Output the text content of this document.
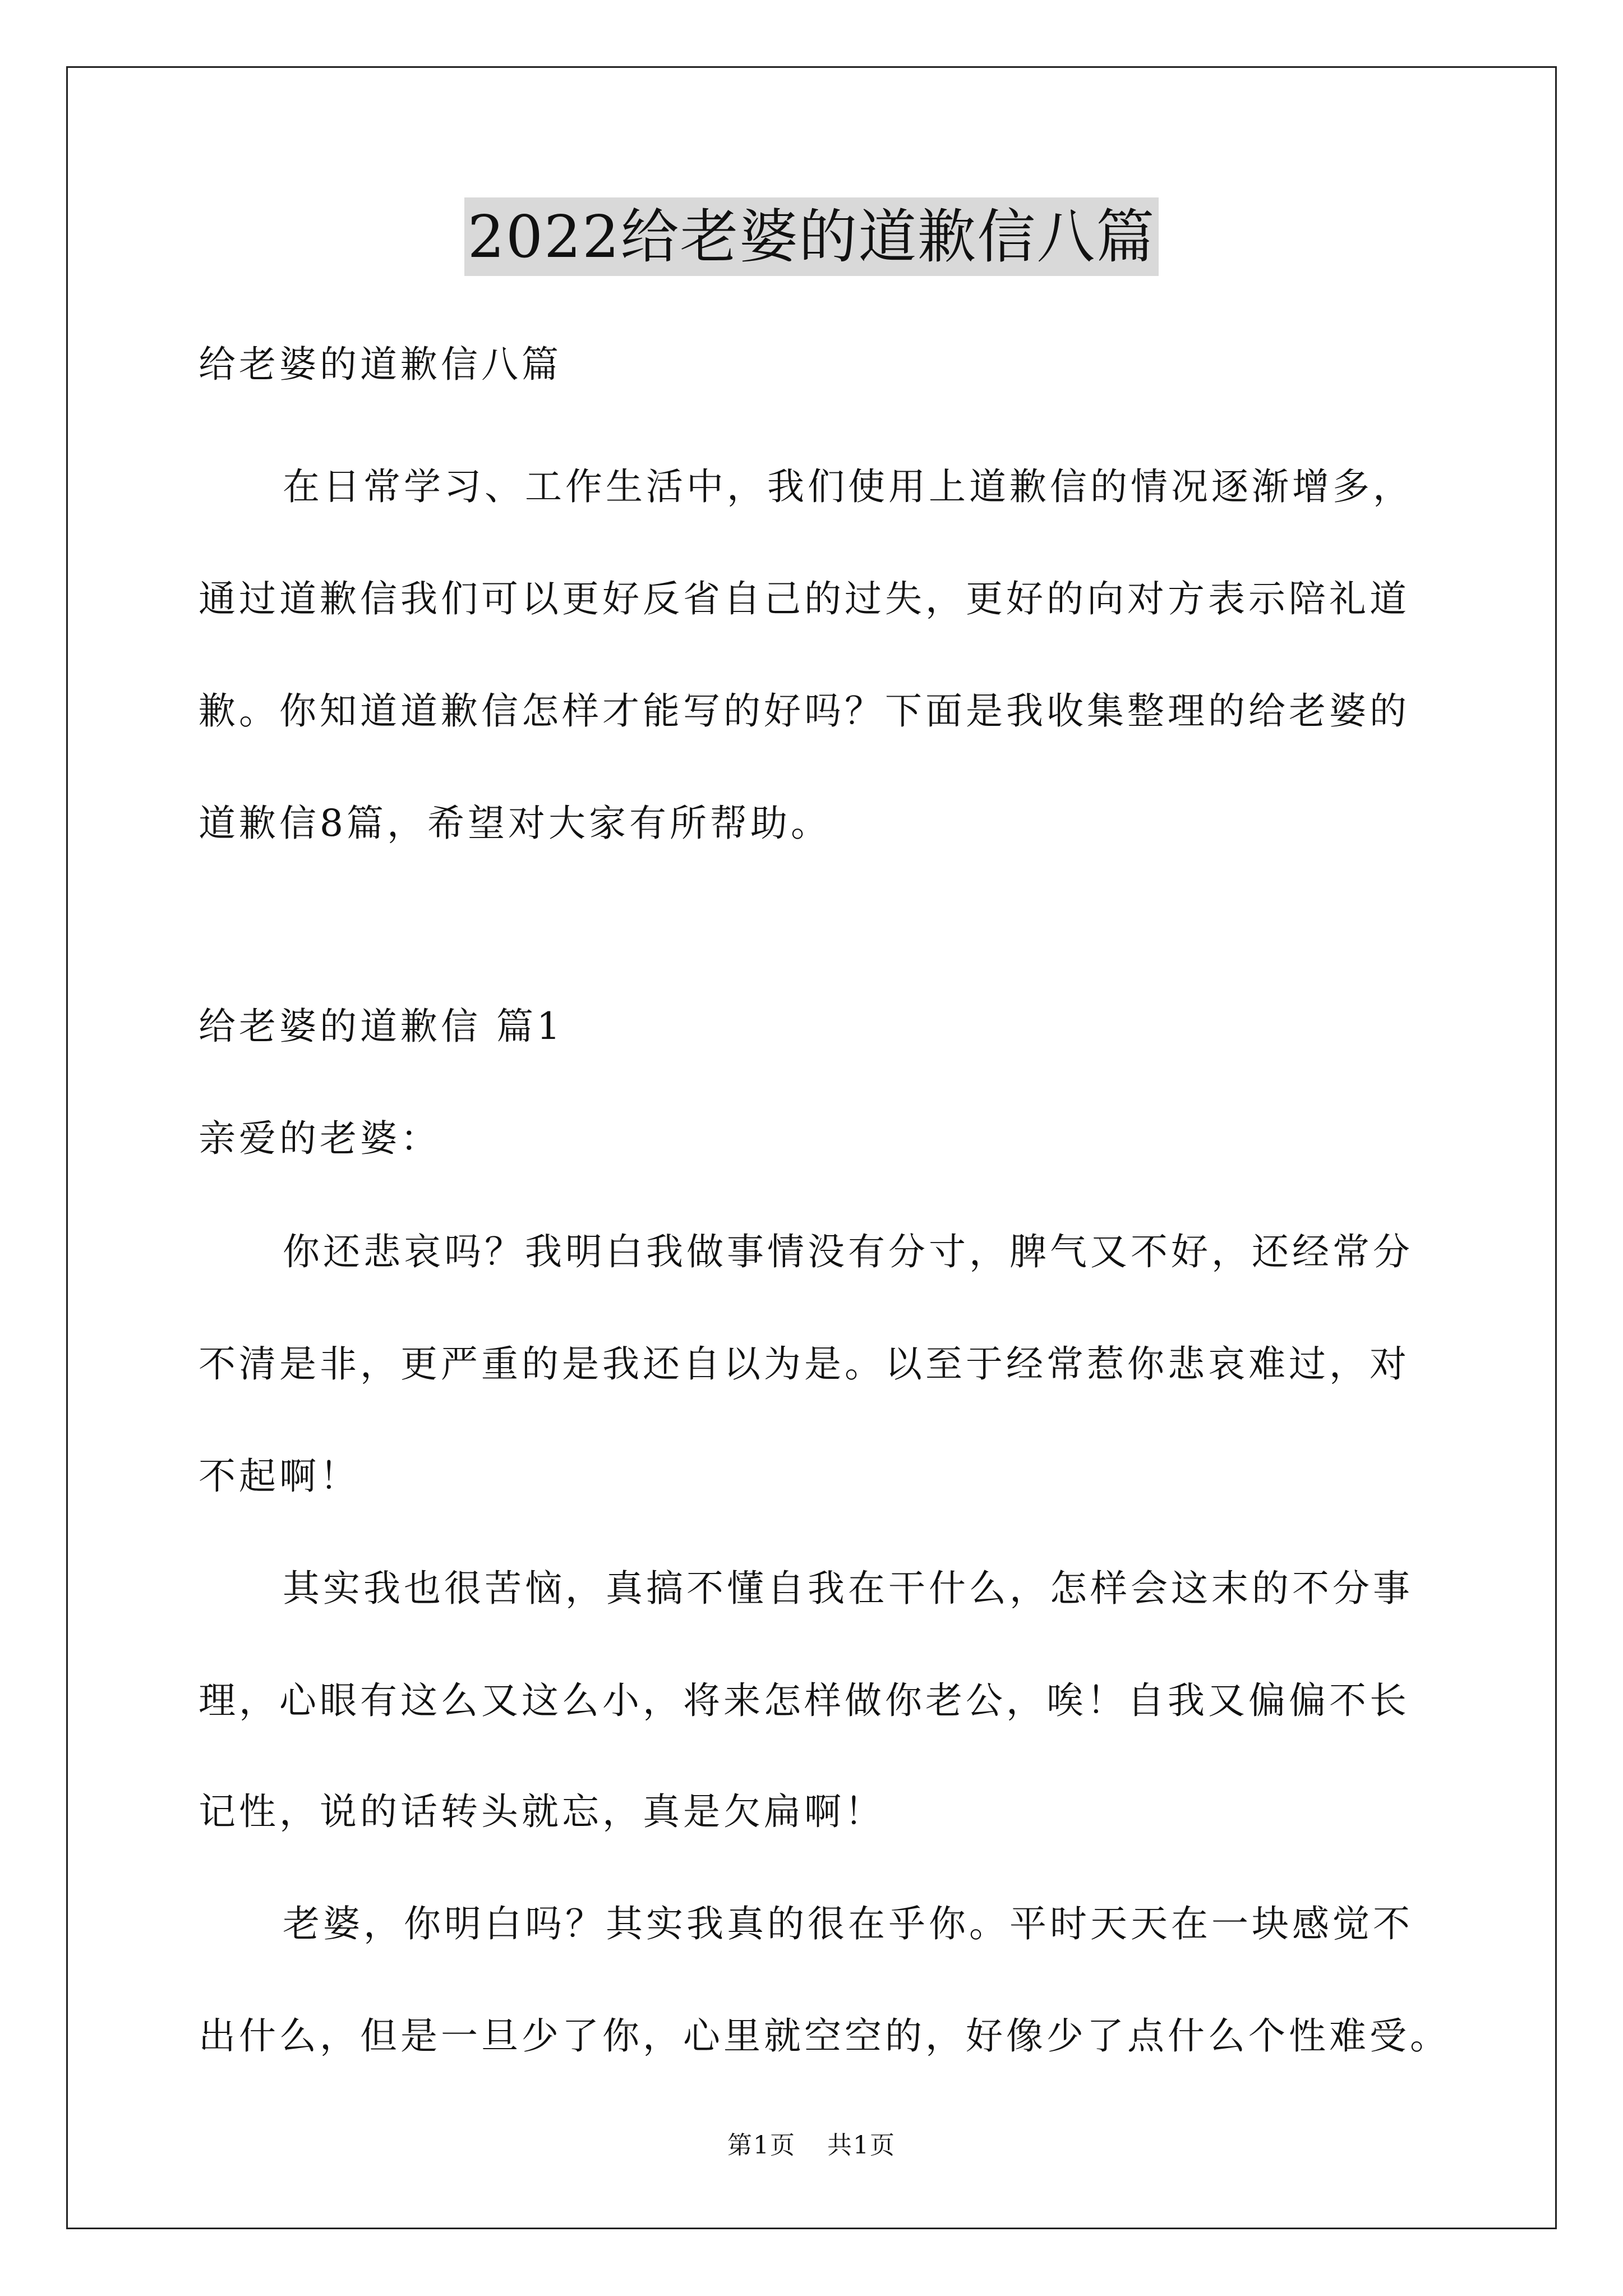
2022给老婆的道歉信八篇
给老婆的道歉信八篇
在日常学习、工作生活中，我们使用上道歉信的情况逐渐增多，
通过道歉信我们可以更好反省自己的过失，更好的向对方表示陪礼道
歉。你知道道歉信怎样才能写的好吗？下面是我收集整理的给老婆的
道歉信8篇，希望对大家有所帮助。
给老婆的道歉信 篇1
亲爱的老婆：
你还悲哀吗？我明白我做事情没有分寸，脾气又不好，还经常分
不清是非，更严重的是我还自以为是。以至于经常惹你悲哀难过，对
不起啊！
其实我也很苦恼，真搞不懂自我在干什么，怎样会这末的不分事
理，心眼有这么又这么小，将来怎样做你老公，唉！自我又偏偏不长
记性，说的话转头就忘，真是欠扁啊！
老婆，你明白吗？其实我真的很在乎你。平时天天在一块感觉不
出什么，但是一旦少了你，心里就空空的，好像少了点什么个性难受。
第1页 共1页
